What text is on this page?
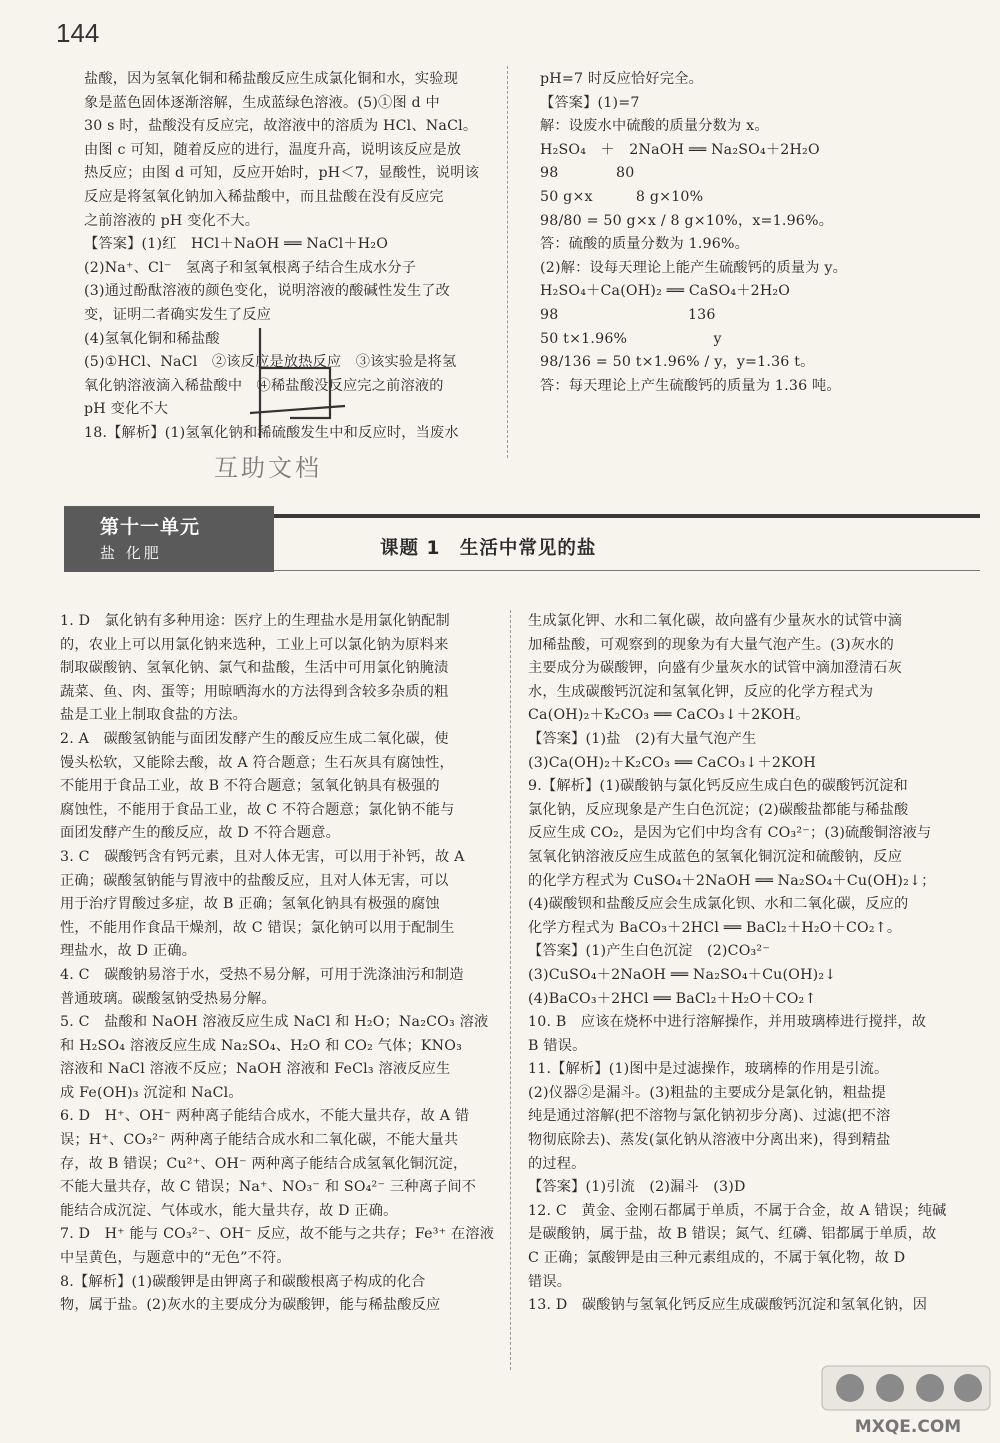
144
盐酸，因为氢氧化铜和稀盐酸反应生成氯化铜和水，实验现
象是蓝色固体逐渐溶解，生成蓝绿色溶液。(5)①图 d 中
30 s 时，盐酸没有反应完，故溶液中的溶质为 HCl、NaCl。
由图 c 可知，随着反应的进行，温度升高，说明该反应是放
热反应；由图 d 可知，反应开始时，pH＜7，显酸性，说明该
反应是将氢氧化钠加入稀盐酸中，而且盐酸在没有反应完
之前溶液的 pH 变化不大。
【答案】(1)红　HCl＋NaOH ══ NaCl＋H₂O
(2)Na⁺、Cl⁻　氢离子和氢氧根离子结合生成水分子
(3)通过酚酞溶液的颜色变化，说明溶液的酸碱性发生了改
变，证明二者确实发生了反应
(4)氢氧化铜和稀盐酸
(5)①HCl、NaCl　②该反应是放热反应　③该实验是将氢
氧化钠溶液滴入稀盐酸中　④稀盐酸没反应完之前溶液的
pH 变化不大
18.【解析】(1)氢氧化钠和稀硫酸发生中和反应时，当废水
pH=7 时反应恰好完全。
【答案】(1)=7
解：设废水中硫酸的质量分数为 x。
H₂SO₄　＋　2NaOH ══ Na₂SO₄＋2H₂O
98　　　　80
50 g×x　　　8 g×10%
98/80 = 50 g×x / 8 g×10%，x=1.96%。
答：硫酸的质量分数为 1.96%。
(2)解：设每天理论上能产生硫酸钙的质量为 y。
H₂SO₄＋Ca(OH)₂ ══ CaSO₄＋2H₂O
98　　　　　　　　　136
50 t×1.96%　　　　　　y
98/136 = 50 t×1.96% / y，y=1.36 t。
答：每天理论上产生硫酸钙的质量为 1.36 吨。
互助文档
第十一单元
盐 化肥	课题 1　生活中常见的盐
1. D　氯化钠有多种用途：医疗上的生理盐水是用氯化钠配制
的，农业上可以用氯化钠来选种，工业上可以氯化钠为原料来
制取碳酸钠、氢氧化钠、氯气和盐酸，生活中可用氯化钠腌渍
蔬菜、鱼、肉、蛋等；用晾晒海水的方法得到含较多杂质的粗
盐是工业上制取食盐的方法。
2. A　碳酸氢钠能与面团发酵产生的酸反应生成二氧化碳，使
馒头松软，又能除去酸，故 A 符合题意；生石灰具有腐蚀性，
不能用于食品工业，故 B 不符合题意；氢氧化钠具有极强的
腐蚀性，不能用于食品工业，故 C 不符合题意；氯化钠不能与
面团发酵产生的酸反应，故 D 不符合题意。
3. C　碳酸钙含有钙元素，且对人体无害，可以用于补钙，故 A
正确；碳酸氢钠能与胃液中的盐酸反应，且对人体无害，可以
用于治疗胃酸过多症，故 B 正确；氢氧化钠具有极强的腐蚀
性，不能用作食品干燥剂，故 C 错误；氯化钠可以用于配制生
理盐水，故 D 正确。
4. C　碳酸钠易溶于水，受热不易分解，可用于洗涤油污和制造
普通玻璃。碳酸氢钠受热易分解。
5. C　盐酸和 NaOH 溶液反应生成 NaCl 和 H₂O；Na₂CO₃ 溶液
和 H₂SO₄ 溶液反应生成 Na₂SO₄、H₂O 和 CO₂ 气体；KNO₃
溶液和 NaCl 溶液不反应；NaOH 溶液和 FeCl₃ 溶液反应生
成 Fe(OH)₃ 沉淀和 NaCl。
6. D　H⁺、OH⁻ 两种离子能结合成水，不能大量共存，故 A 错
误；H⁺、CO₃²⁻ 两种离子能结合成水和二氧化碳，不能大量共
存，故 B 错误；Cu²⁺、OH⁻ 两种离子能结合成氢氧化铜沉淀，
不能大量共存，故 C 错误；Na⁺、NO₃⁻ 和 SO₄²⁻ 三种离子间不
能结合成沉淀、气体或水，能大量共存，故 D 正确。
7. D　H⁺ 能与 CO₃²⁻、OH⁻ 反应，故不能与之共存；Fe³⁺ 在溶液
中呈黄色，与题意中的“无色”不符。
8.【解析】(1)碳酸钾是由钾离子和碳酸根离子构成的化合
物，属于盐。(2)灰水的主要成分为碳酸钾，能与稀盐酸反应
生成氯化钾、水和二氧化碳，故向盛有少量灰水的试管中滴
加稀盐酸，可观察到的现象为有大量气泡产生。(3)灰水的
主要成分为碳酸钾，向盛有少量灰水的试管中滴加澄清石灰
水，生成碳酸钙沉淀和氢氧化钾，反应的化学方程式为
Ca(OH)₂＋K₂CO₃ ══ CaCO₃↓＋2KOH。
【答案】(1)盐　(2)有大量气泡产生
(3)Ca(OH)₂＋K₂CO₃ ══ CaCO₃↓＋2KOH
9.【解析】(1)碳酸钠与氯化钙反应生成白色的碳酸钙沉淀和
氯化钠，反应现象是产生白色沉淀；(2)碳酸盐都能与稀盐酸
反应生成 CO₂，是因为它们中均含有 CO₃²⁻；(3)硫酸铜溶液与
氢氧化钠溶液反应生成蓝色的氢氧化铜沉淀和硫酸钠，反应
的化学方程式为 CuSO₄＋2NaOH ══ Na₂SO₄＋Cu(OH)₂↓；
(4)碳酸钡和盐酸反应会生成氯化钡、水和二氧化碳，反应的
化学方程式为 BaCO₃＋2HCl ══ BaCl₂＋H₂O＋CO₂↑。
【答案】(1)产生白色沉淀　(2)CO₃²⁻
(3)CuSO₄＋2NaOH ══ Na₂SO₄＋Cu(OH)₂↓
(4)BaCO₃＋2HCl ══ BaCl₂＋H₂O＋CO₂↑
10. B　应该在烧杯中进行溶解操作，并用玻璃棒进行搅拌，故
B 错误。
11.【解析】(1)图中是过滤操作，玻璃棒的作用是引流。
(2)仪器②是漏斗。(3)粗盐的主要成分是氯化钠，粗盐提
纯是通过溶解(把不溶物与氯化钠初步分离)、过滤(把不溶
物彻底除去)、蒸发(氯化钠从溶液中分离出来)，得到精盐
的过程。
【答案】(1)引流　(2)漏斗　(3)D
12. C　黄金、金刚石都属于单质，不属于合金，故 A 错误；纯碱
是碳酸钠，属于盐，故 B 错误；氮气、红磷、铝都属于单质，故
C 正确；氯酸钾是由三种元素组成的，不属于氧化物，故 D
错误。
13. D　碳酸钠与氢氧化钙反应生成碳酸钙沉淀和氢氧化钠，因
MXQE.COM
